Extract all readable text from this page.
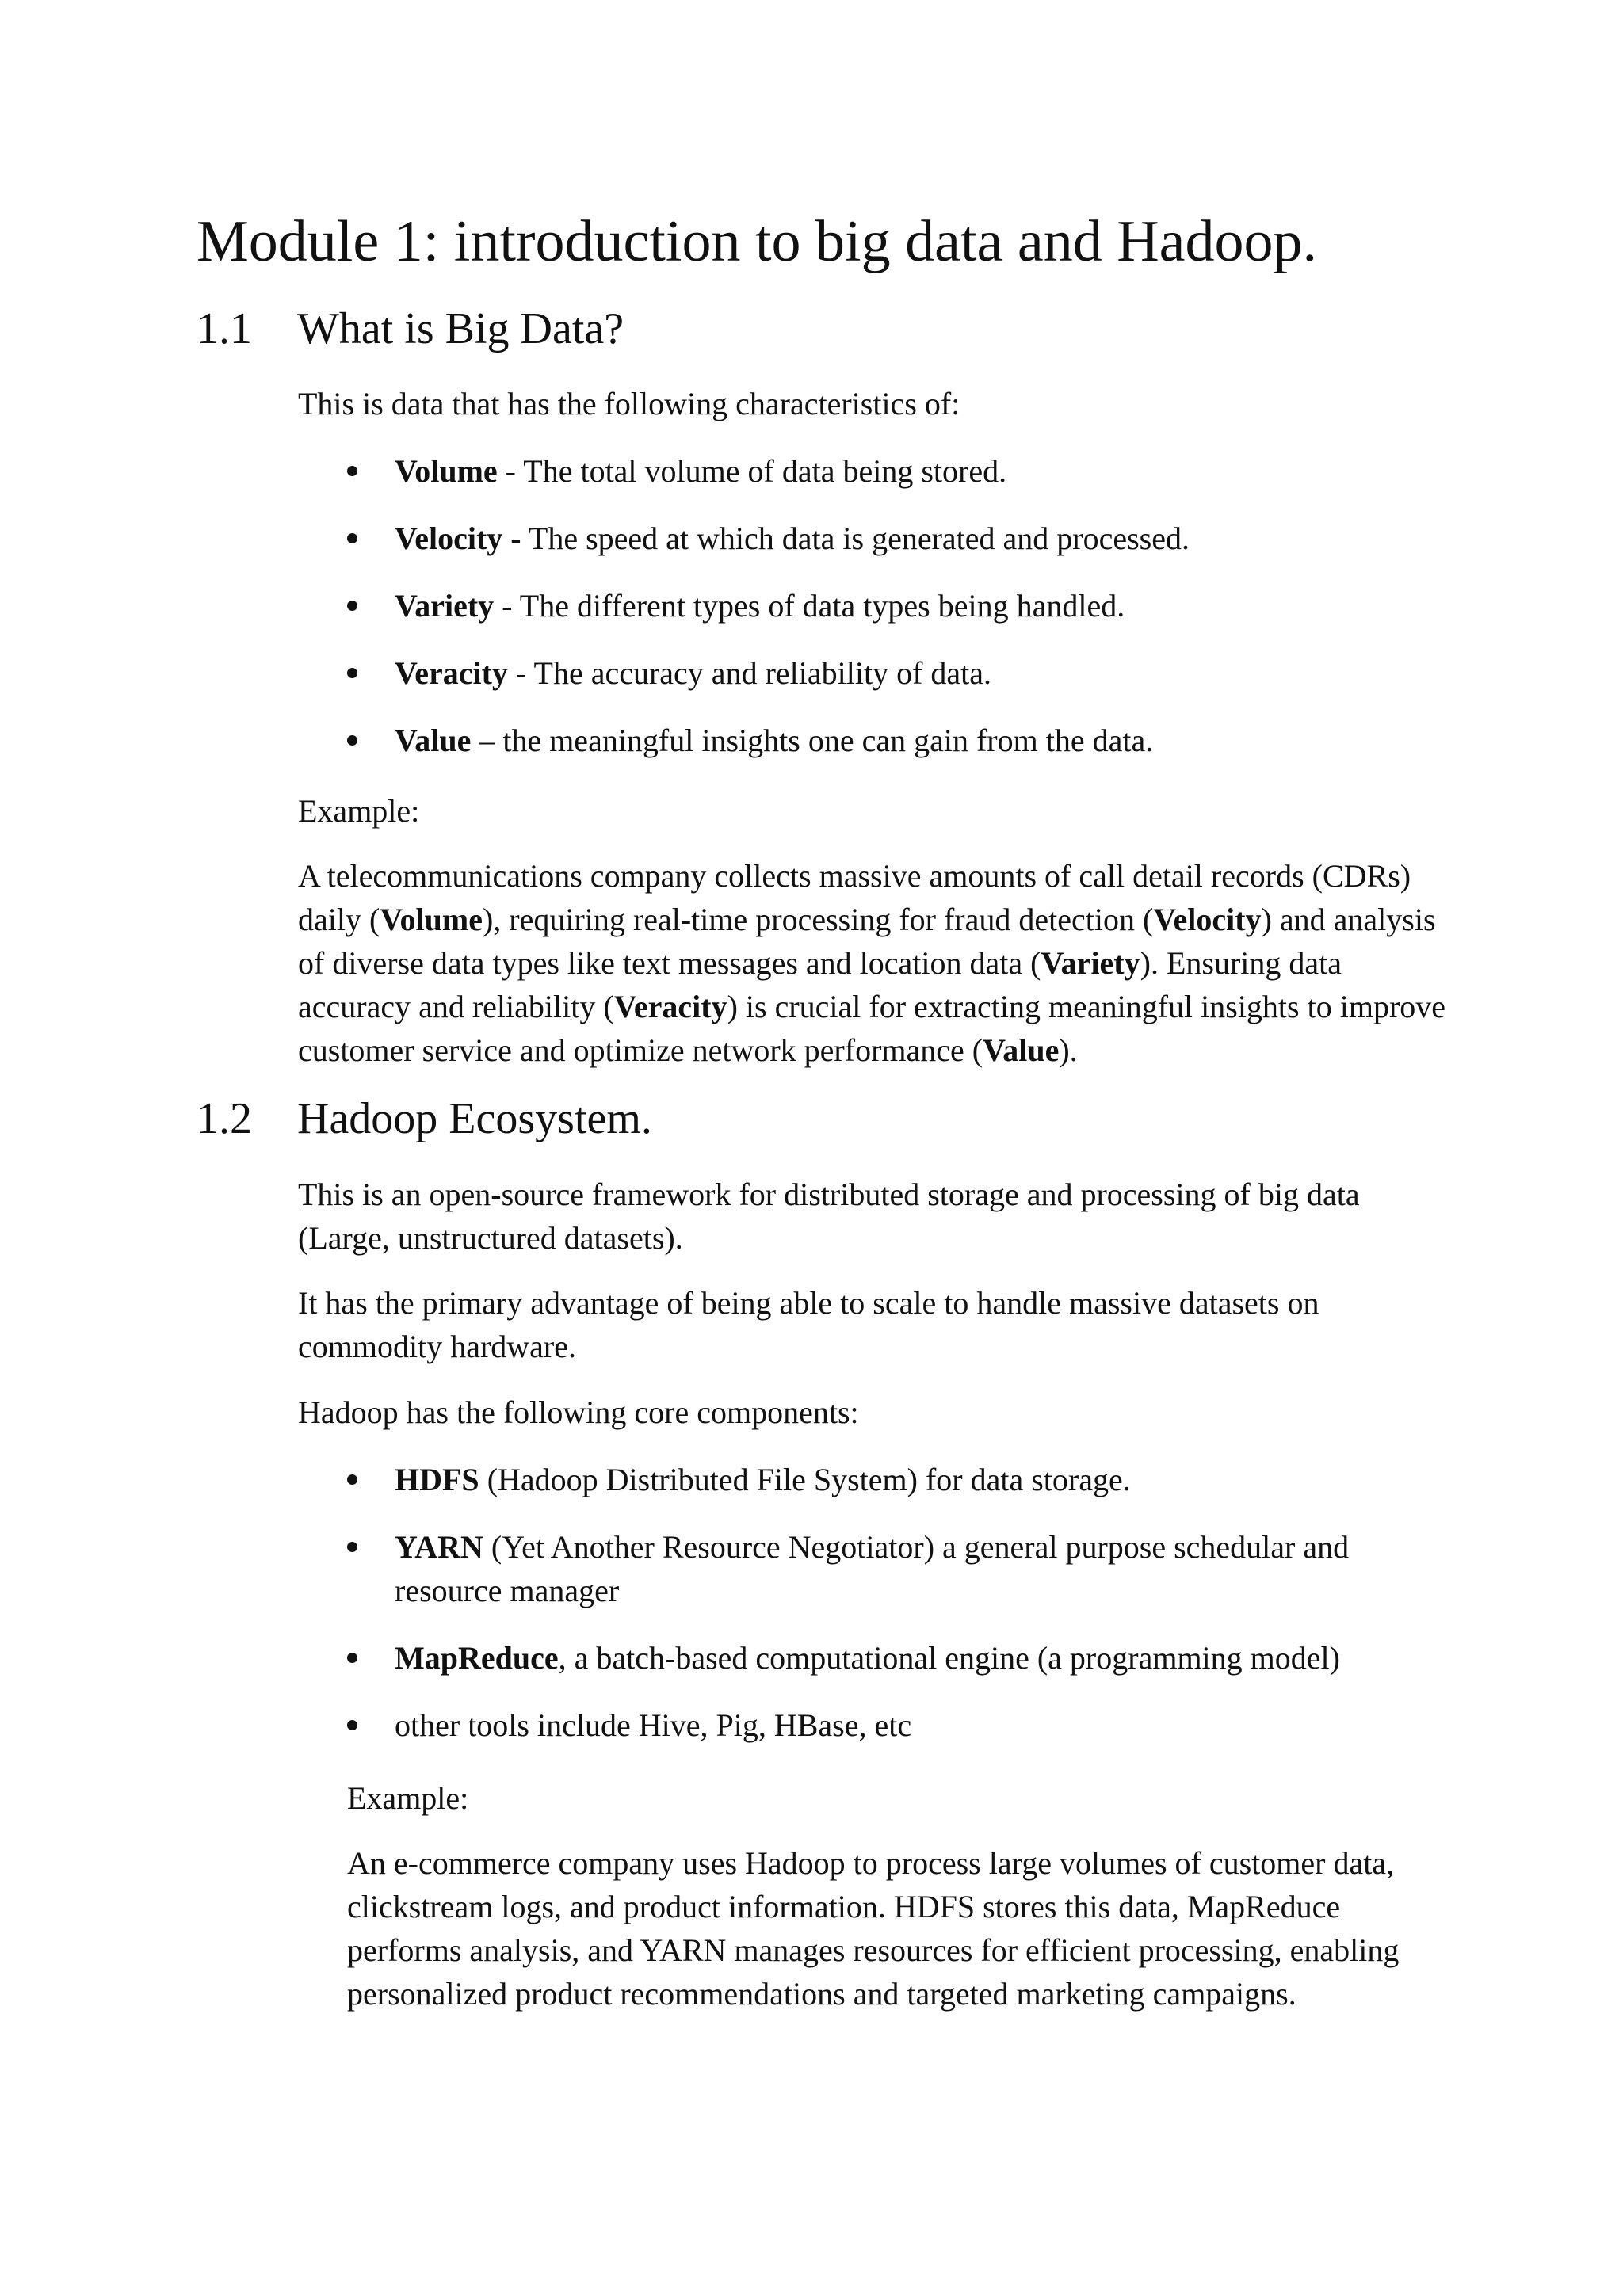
Module 1: introduction to big data and Hadoop.
1.1 What is Big Data?

This is data that has the following characteristics of:

Volume - The total volume of data being stored.
Velocity - The speed at which data is generated and processed.
Variety - The different types of data types being handled.
Veracity - The accuracy and reliability of data.
Value – the meaningful insights one can gain from the data.

Example:

A telecommunications company collects massive amounts of call detail records (CDRs) daily (Volume), requiring real-time processing for fraud detection (Velocity) and analysis of diverse data types like text messages and location data (Variety). Ensuring data accuracy and reliability (Veracity) is crucial for extracting meaningful insights to improve customer service and optimize network performance (Value).

1.2 Hadoop Ecosystem.

This is an open-source framework for distributed storage and processing of big data (Large, unstructured datasets).

It has the primary advantage of being able to scale to handle massive datasets on commodity hardware.

Hadoop has the following core components:

HDFS (Hadoop Distributed File System) for data storage.
YARN (Yet Another Resource Negotiator) a general purpose schedular and resource manager
MapReduce, a batch-based computational engine (a programming model)
other tools include Hive, Pig, HBase, etc

Example:

An e-commerce company uses Hadoop to process large volumes of customer data, clickstream logs, and product information. HDFS stores this data, MapReduce performs analysis, and YARN manages resources for efficient processing, enabling personalized product recommendations and targeted marketing campaigns.
